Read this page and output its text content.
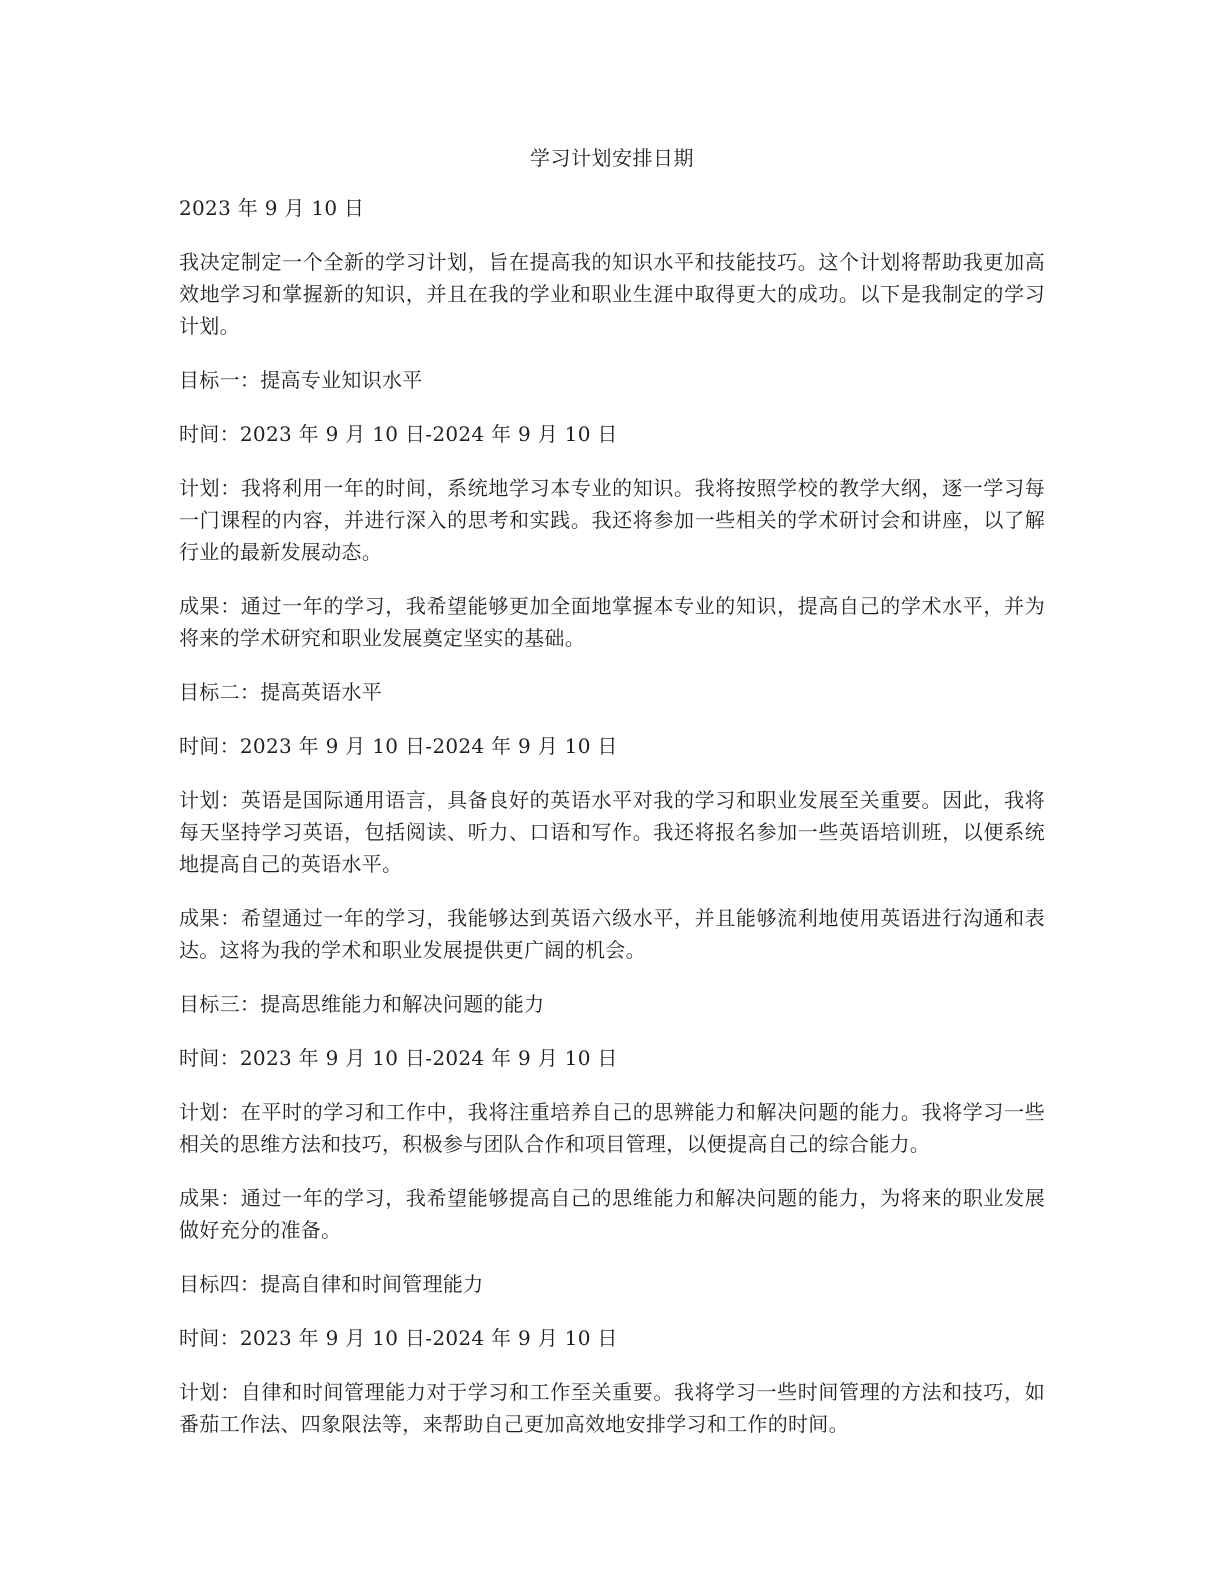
学习计划安排日期

2023 年 9 月 10 日

我决定制定一个全新的学习计划，旨在提高我的知识水平和技能技巧。这个计划将帮助我更加高效地学习和掌握新的知识，并且在我的学业和职业生涯中取得更大的成功。以下是我制定的学习计划。

目标一：提高专业知识水平

时间：2023 年 9 月 10 日-2024 年 9 月 10 日

计划：我将利用一年的时间，系统地学习本专业的知识。我将按照学校的教学大纲，逐一学习每一门课程的内容，并进行深入的思考和实践。我还将参加一些相关的学术研讨会和讲座，以了解行业的最新发展动态。

成果：通过一年的学习，我希望能够更加全面地掌握本专业的知识，提高自己的学术水平，并为将来的学术研究和职业发展奠定坚实的基础。

目标二：提高英语水平

时间：2023 年 9 月 10 日-2024 年 9 月 10 日

计划：英语是国际通用语言，具备良好的英语水平对我的学习和职业发展至关重要。因此，我将每天坚持学习英语，包括阅读、听力、口语和写作。我还将报名参加一些英语培训班，以便系统地提高自己的英语水平。

成果：希望通过一年的学习，我能够达到英语六级水平，并且能够流利地使用英语进行沟通和表达。这将为我的学术和职业发展提供更广阔的机会。

目标三：提高思维能力和解决问题的能力

时间：2023 年 9 月 10 日-2024 年 9 月 10 日

计划：在平时的学习和工作中，我将注重培养自己的思辨能力和解决问题的能力。我将学习一些相关的思维方法和技巧，积极参与团队合作和项目管理，以便提高自己的综合能力。

成果：通过一年的学习，我希望能够提高自己的思维能力和解决问题的能力，为将来的职业发展做好充分的准备。

目标四：提高自律和时间管理能力

时间：2023 年 9 月 10 日-2024 年 9 月 10 日

计划：自律和时间管理能力对于学习和工作至关重要。我将学习一些时间管理的方法和技巧，如番茄工作法、四象限法等，来帮助自己更加高效地安排学习和工作的时间。
